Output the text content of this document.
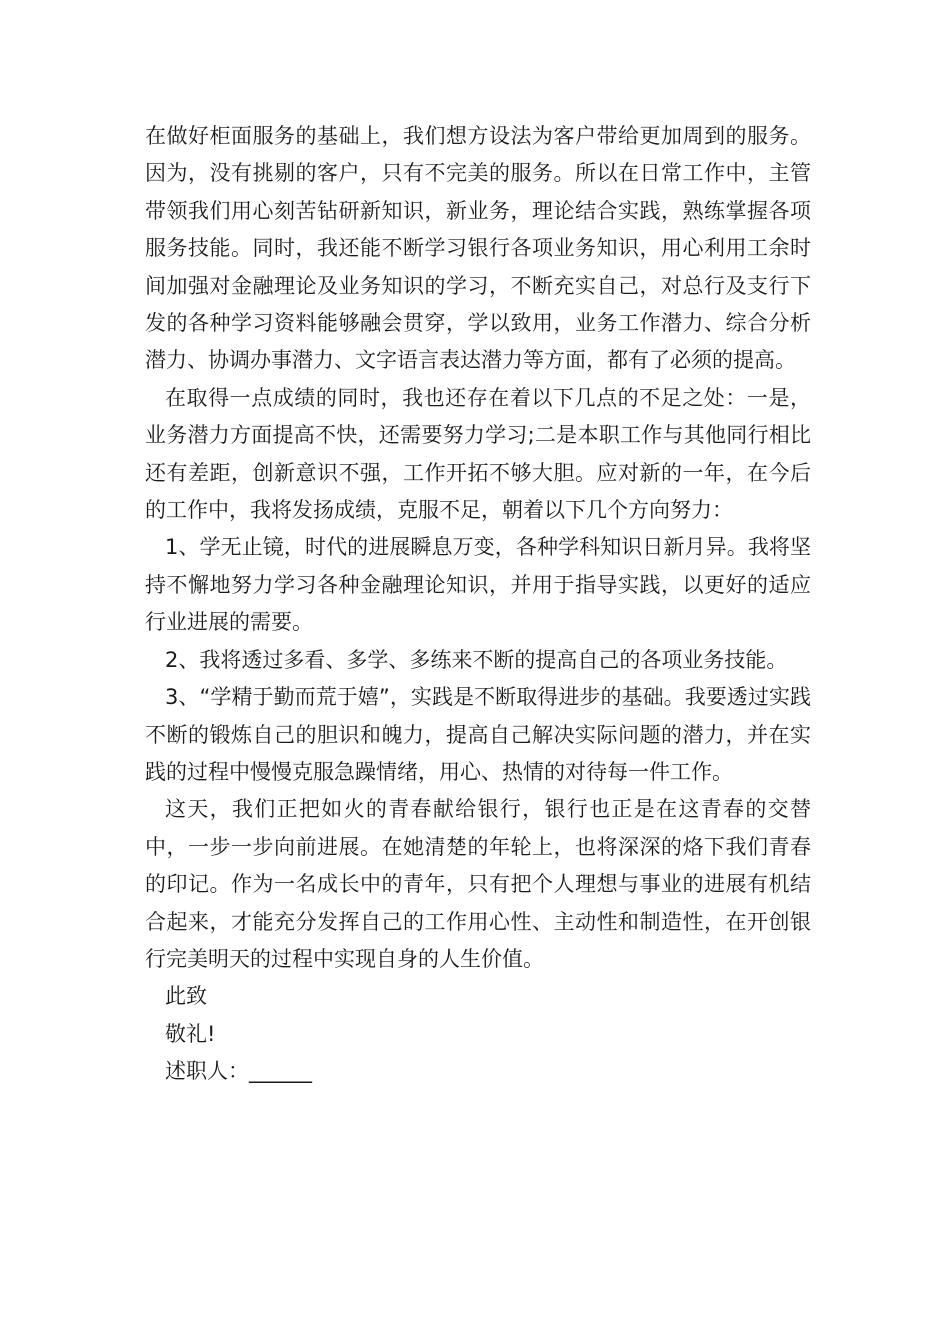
在做好柜面服务的基础上，我们想方设法为客户带给更加周到的服务。因为，没有挑剔的客户，只有不完美的服务。所以在日常工作中，主管带领我们用心刻苦钻研新知识，新业务，理论结合实践，熟练掌握各项服务技能。同时，我还能不断学习银行各项业务知识，用心利用工余时间加强对金融理论及业务知识的学习，不断充实自己，对总行及支行下发的各种学习资料能够融会贯穿，学以致用，业务工作潜力、综合分析潜力、协调办事潜力、文字语言表达潜力等方面，都有了必须的提高。

在取得一点成绩的同时，我也还存在着以下几点的不足之处：一是，业务潜力方面提高不快，还需要努力学习;二是本职工作与其他同行相比还有差距，创新意识不强，工作开拓不够大胆。应对新的一年，在今后的工作中，我将发扬成绩，克服不足，朝着以下几个方向努力：

1、学无止镜，时代的进展瞬息万变，各种学科知识日新月异。我将坚持不懈地努力学习各种金融理论知识，并用于指导实践，以更好的适应行业进展的需要。

2、我将透过多看、多学、多练来不断的提高自己的各项业务技能。

3、“学精于勤而荒于嬉”，实践是不断取得进步的基础。我要透过实践不断的锻炼自己的胆识和魄力，提高自己解决实际问题的潜力，并在实践的过程中慢慢克服急躁情绪，用心、热情的对待每一件工作。

这天，我们正把如火的青春献给银行，银行也正是在这青春的交替中，一步一步向前进展。在她清楚的年轮上，也将深深的烙下我们青春的印记。作为一名成长中的青年，只有把个人理想与事业的进展有机结合起来，才能充分发挥自己的工作用心性、主动性和制造性，在开创银行完美明天的过程中实现自身的人生价值。

此致

敬礼!

述职人：______
